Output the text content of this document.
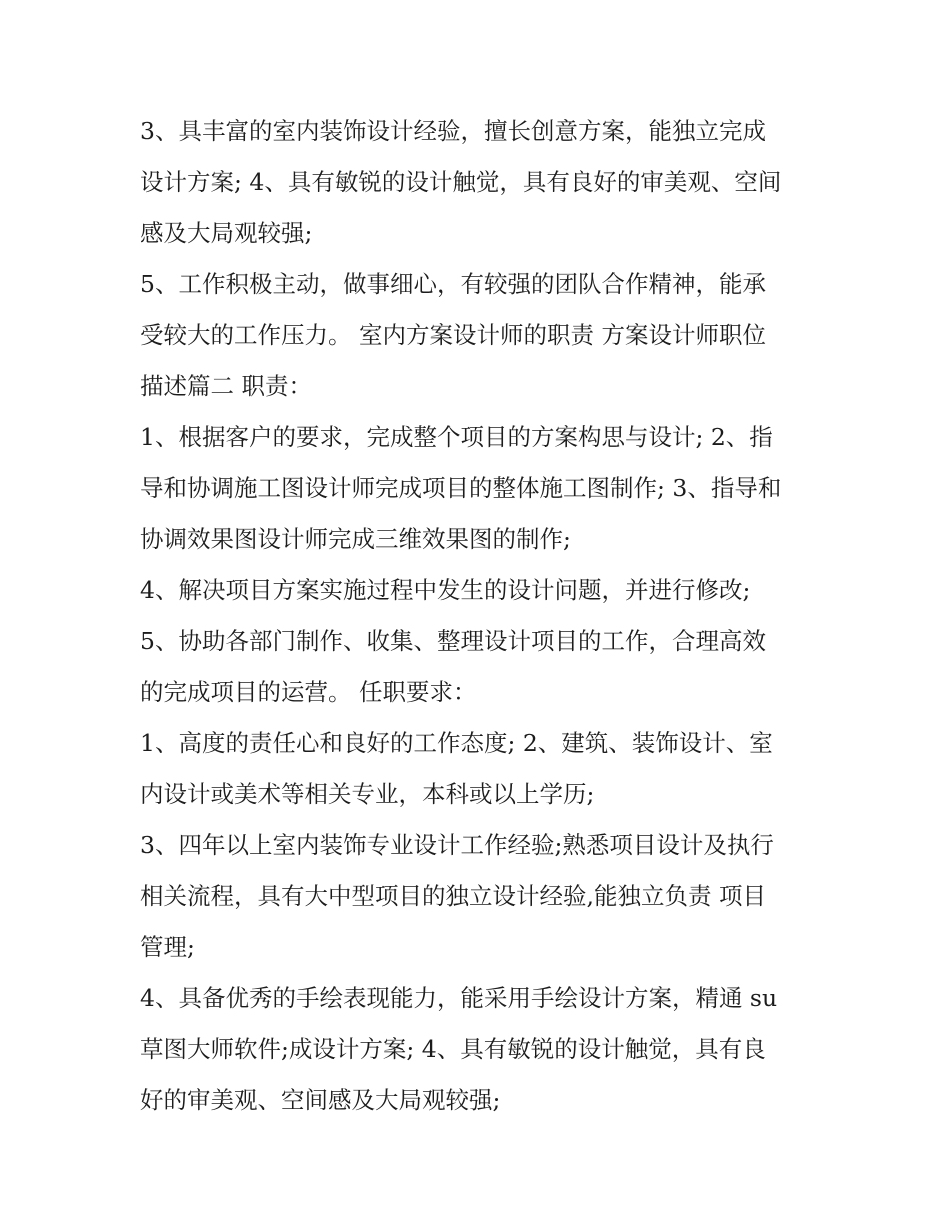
3、具丰富的室内装饰设计经验，擅长创意方案，能独立完成
设计方案; 4、具有敏锐的设计触觉，具有良好的审美观、空间
感及大局观较强;
5、工作积极主动，做事细心，有较强的团队合作精神，能承
受较大的工作压力。 室内方案设计师的职责 方案设计师职位
描述篇二 职责：
1、根据客户的要求，完成整个项目的方案构思与设计; 2、指
导和协调施工图设计师完成项目的整体施工图制作; 3、指导和
协调效果图设计师完成三维效果图的制作;
4、解决项目方案实施过程中发生的设计问题，并进行修改;
5、协助各部门制作、收集、整理设计项目的工作，合理高效
的完成项目的运营。 任职要求：
1、高度的责任心和良好的工作态度; 2、建筑、装饰设计、室
内设计或美术等相关专业，本科或以上学历;
3、四年以上室内装饰专业设计工作经验;熟悉项目设计及执行
相关流程，具有大中型项目的独立设计经验,能独立负责 项目
管理;
4、具备优秀的手绘表现能力，能采用手绘设计方案，精通 su
草图大师软件;成设计方案; 4、具有敏锐的设计触觉，具有良
好的审美观、空间感及大局观较强;
